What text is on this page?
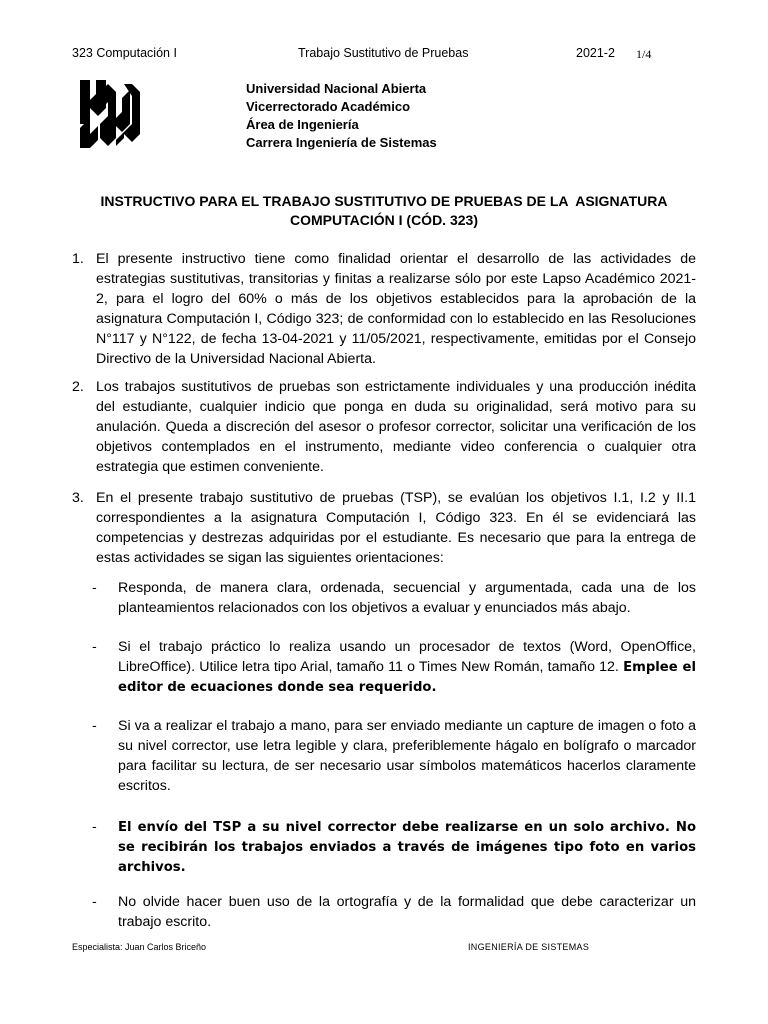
323 Computación I	Trabajo Sustitutivo de Pruebas	2021-2 1/4
Universidad Nacional Abierta
Vicerrectorado Académico
Área de Ingeniería
Carrera Ingeniería de Sistemas
INSTRUCTIVO PARA EL TRABAJO SUSTITUTIVO DE PRUEBAS DE LA  ASIGNATURA
COMPUTACIÓN I (CÓD. 323)
1. El presente instructivo tiene como finalidad orientar el desarrollo de las actividades de estrategias sustitutivas, transitorias y finitas a realizarse sólo por este Lapso Académico 2021-2, para el logro del 60% o más de los objetivos establecidos para la aprobación de la asignatura Computación I, Código 323; de conformidad con lo establecido en las Resoluciones N°117 y N°122, de fecha 13-04-2021 y 11/05/2021, respectivamente, emitidas por el Consejo Directivo de la Universidad Nacional Abierta.
2. Los trabajos sustitutivos de pruebas son estrictamente individuales y una producción inédita del estudiante, cualquier indicio que ponga en duda su originalidad, será motivo para su anulación. Queda a discreción del asesor o profesor corrector, solicitar una verificación de los objetivos contemplados en el instrumento, mediante video conferencia o cualquier otra estrategia que estimen conveniente.
3. En el presente trabajo sustitutivo de pruebas (TSP), se evalúan los objetivos I.1, I.2 y II.1 correspondientes a la asignatura Computación I, Código 323. En él se evidenciará las competencias y destrezas adquiridas por el estudiante. Es necesario que para la entrega de estas actividades se sigan las siguientes orientaciones:
- Responda, de manera clara, ordenada, secuencial y argumentada, cada una de los planteamientos relacionados con los objetivos a evaluar y enunciados más abajo.
- Si el trabajo práctico lo realiza usando un procesador de textos (Word, OpenOffice, LibreOffice). Utilice letra tipo Arial, tamaño 11 o Times New Román, tamaño 12. Emplee el editor de ecuaciones donde sea requerido.
- Si va a realizar el trabajo a mano, para ser enviado mediante un capture de imagen o foto a su nivel corrector, use letra legible y clara, preferiblemente hágalo en bolígrafo o marcador para facilitar su lectura, de ser necesario usar símbolos matemáticos hacerlos claramente escritos.
- El envío del TSP a su nivel corrector debe realizarse en un solo archivo. No se recibirán los trabajos enviados a través de imágenes tipo foto en varios archivos.
- No olvide hacer buen uso de la ortografía y de la formalidad que debe caracterizar un trabajo escrito.
Especialista: Juan Carlos Briceño	INGENIERÍA DE SISTEMAS
